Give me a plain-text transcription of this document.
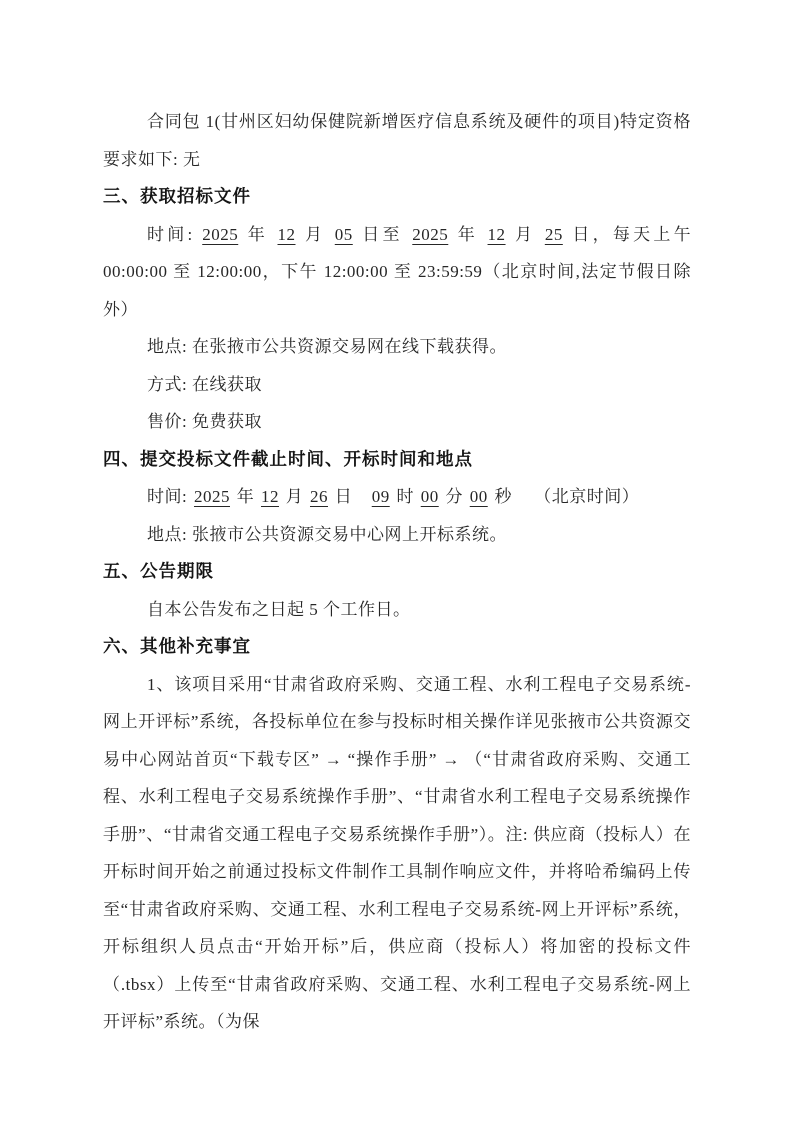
合同包 1(甘州区妇幼保健院新增医疗信息系统及硬件的项目)特定资格要求如下: 无

三、获取招标文件

时间: 2025 年 12 月 05 日至 2025 年 12 月 25 日，每天上午 00:00:00 至 12:00:00，下午 12:00:00 至 23:59:59（北京时间,法定节假日除外）

地点: 在张掖市公共资源交易网在线下载获得。

方式: 在线获取

售价: 免费获取

四、提交投标文件截止时间、开标时间和地点

时间: 2025 年 12 月 26 日　09 时 00 分 00 秒　 （北京时间）

地点: 张掖市公共资源交易中心网上开标系统。

五、公告期限

自本公告发布之日起 5 个工作日。

六、其他补充事宜

1、该项目采用“甘肃省政府采购、交通工程、水利工程电子交易系统-网上开评标”系统，各投标单位在参与投标时相关操作详见张掖市公共资源交易中心网站首页“下载专区” → “操作手册” → （“甘肃省政府采购、交通工程、水利工程电子交易系统操作手册”、“甘肃省水利工程电子交易系统操作手册”、“甘肃省交通工程电子交易系统操作手册”）。注: 供应商（投标人）在开标时间开始之前通过投标文件制作工具制作响应文件，并将哈希编码上传至“甘肃省政府采购、交通工程、水利工程电子交易系统-网上开评标”系统，开标组织人员点击“开始开标”后，供应商（投标人）将加密的投标文件（.tbsx）上传至“甘肃省政府采购、交通工程、水利工程电子交易系统-网上开评标”系统。（为保
